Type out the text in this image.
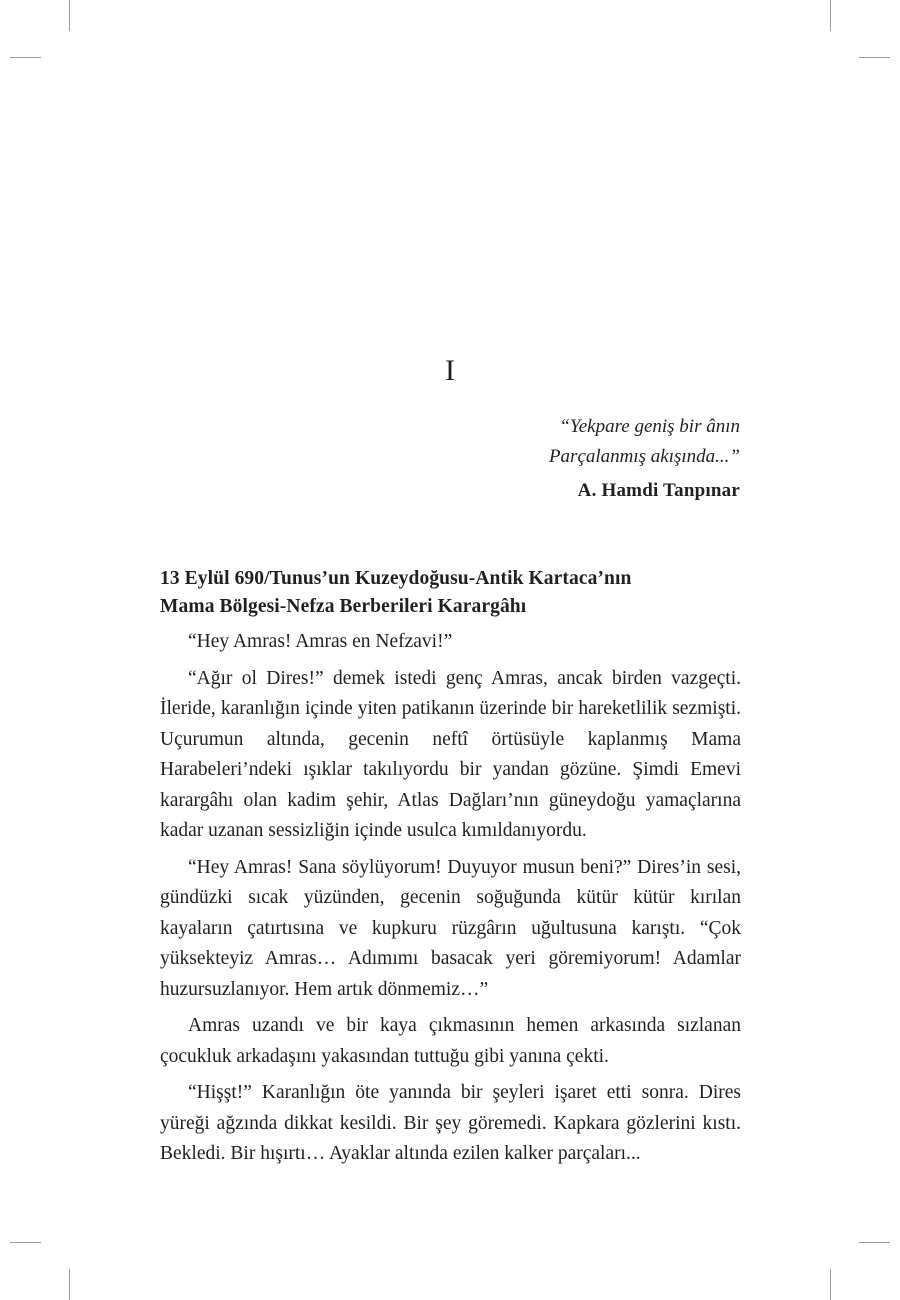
I
“Yekpare geniş bir ânın
Parçalanmış akışında...”
A. Hamdi Tanpınar
13 Eylül 690/Tunus’un Kuzeydoğusu-Antik Kartaca’nın
Mama Bölgesi-Nefza Berberileri Karargâhı

“Hey Amras! Amras en Nefzavi!”

“Ağır ol Dires!” demek istedi genç Amras, ancak birden vazgeçti. İleride, karanlığın içinde yiten patikanın üzerinde bir hareketlilik sezmişti. Uçurumun altında, gecenin neftî örtüsüyle kaplanmış Mama Harabeleri’ndeki ışıklar takılıyordu bir yandan gözüne. Şimdi Emevi karargâhı olan kadim şehir, Atlas Dağları’nın güneydoğu yamaçlarına kadar uzanan sessizliğin içinde usulca kımıldanıyordu.

“Hey Amras! Sana söylüyorum! Duyuyor musun beni?” Dires’in sesi, gündüzki sıcak yüzünden, gecenin soğuğunda kütür kütür kırılan kayaların çatırtısına ve kupkuru rüzgârın uğultusuna karıştı. “Çok yüksekteyiz Amras… Adımımı basacak yeri göremiyorum! Adamlar huzursuzlanıyor. Hem artık dönmemiz…”

Amras uzandı ve bir kaya çıkmasının hemen arkasında sızlanan çocukluk arkadaşını yakasından tuttuğu gibi yanına çekti.

“Hişşt!” Karanlığın öte yanında bir şeyleri işaret etti sonra. Dires yüreği ağzında dikkat kesildi. Bir şey göremedi. Kapkara gözlerini kıstı. Bekledi. Bir hışırtı… Ayaklar altında ezilen kalker parçaları...
